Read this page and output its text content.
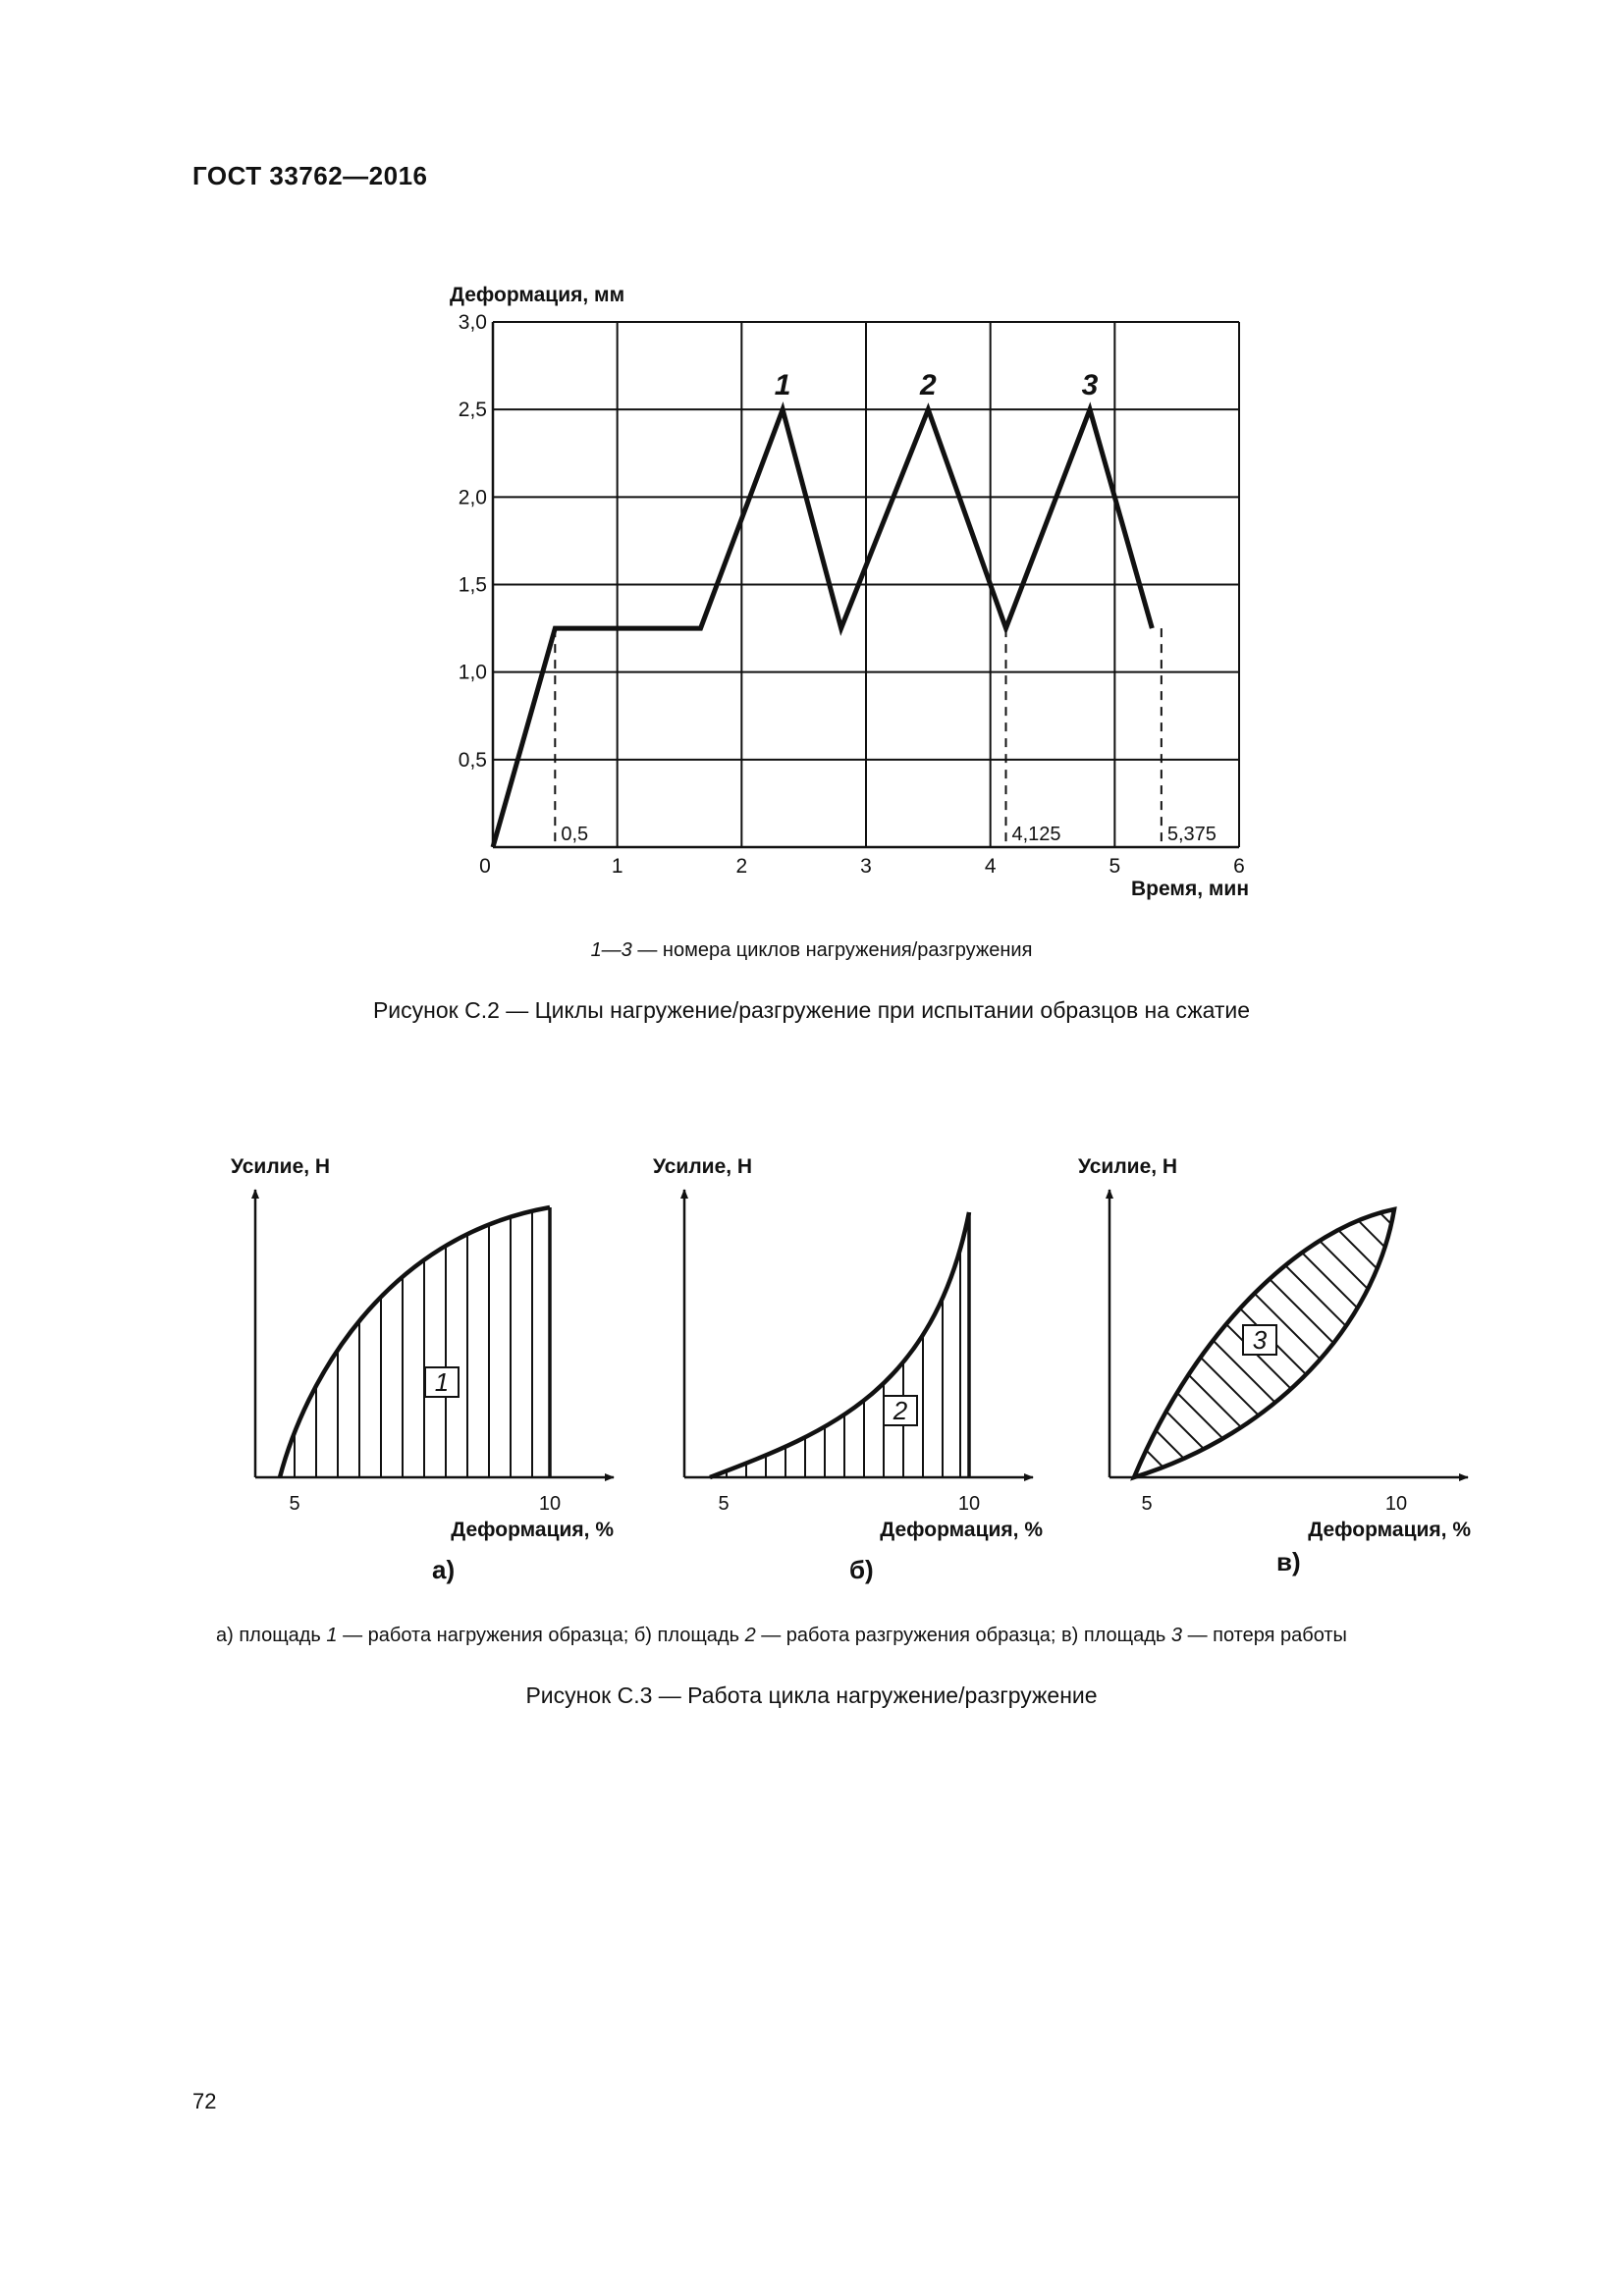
ГОСТ 33762—2016
Деформация, мм
Время, мин
0,5	4,125	5,375
0	1	2	3	4	5	6
0,5
1,0
1,5
2,0
2,5
3,0
1	2	3
1—3 — номера циклов нагружения/разгружения
Рисунок С.2 — Циклы нагружение/разгружение при испытании образцов на сжатие
Усилие, Н
1
5	10
Деформация, %
а)
Усилие, Н
2
5	10
Деформация, %
б)
Усилие, Н
3
5	10
Деформация, %
в)
а) площадь 1 — работа нагружения образца; б) площадь 2 — работа разгружения образца; в) площадь 3 — потеря работы
Рисунок С.3 — Работа цикла нагружение/разгружение
72
